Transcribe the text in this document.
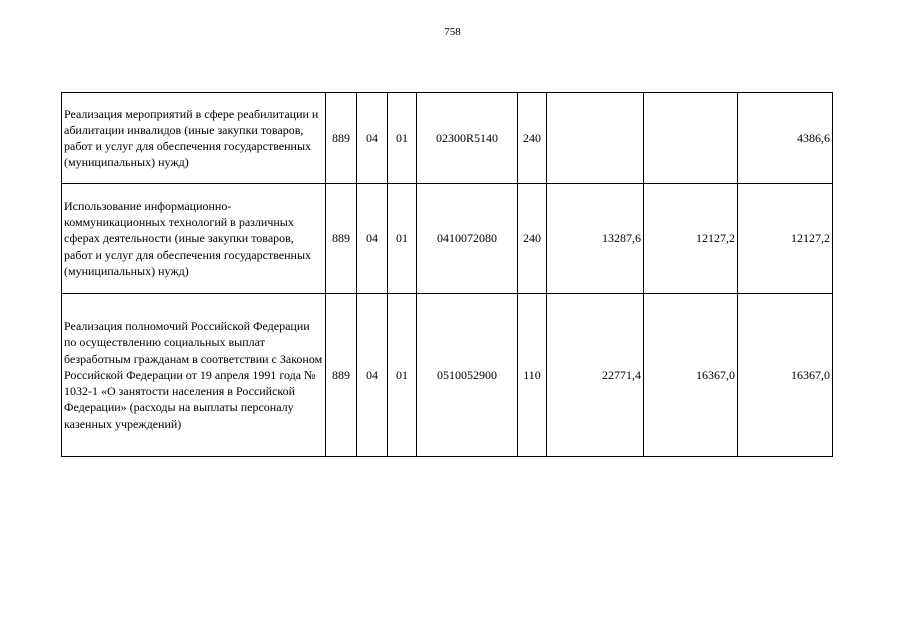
758
Реализация мероприятий в сфере реабилитации и абилитации инвалидов (иные закупки товаров, работ и услуг для обеспечения государственных (муниципальных) нужд)	889	04	01	02300R5140	240			4386,6
Использование информационно-коммуникационных технологий в различных сферах деятельности (иные закупки товаров, работ и услуг для обеспечения государственных (муниципальных) нужд)	889	04	01	0410072080	240	13287,6	12127,2	12127,2
Реализация полномочий Российской Федерации по осуществлению социальных выплат безработным гражданам в соответствии с Законом Российской Федерации от 19 апреля 1991 года № 1032-1 «О занятости населения в Российской Федерации» (расходы на выплаты персоналу казенных учреждений)	889	04	01	0510052900	110	22771,4	16367,0	16367,0
